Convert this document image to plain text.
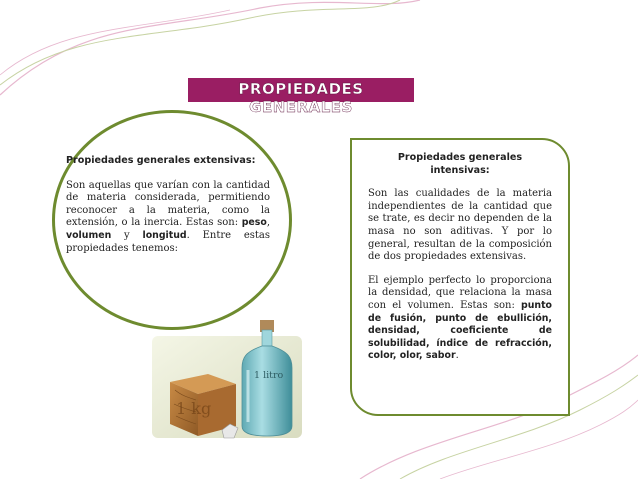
PROPIEDADES GENERALES
Propiedades generales extensivas:
Son aquellas que varían con la cantidad de materia considerada, permitiendo reconocer a la materia, como la extensión, o la inercia. Estas son: peso, volumen y longitud. Entre estas propiedades tenemos:
Propiedades generales intensivas:
Son las cualidades de la materia independientes de la cantidad que se trate, es decir no dependen de la masa no son aditivas. Y por lo general, resultan de la composición de dos propiedades extensivas.
El ejemplo perfecto lo proporciona la densidad, que relaciona la masa con el volumen. Estas son: punto de fusión, punto de ebullición, densidad, coeficiente de solubilidad, índice de refracción, color, olor, sabor.
1 litro
1 kg
